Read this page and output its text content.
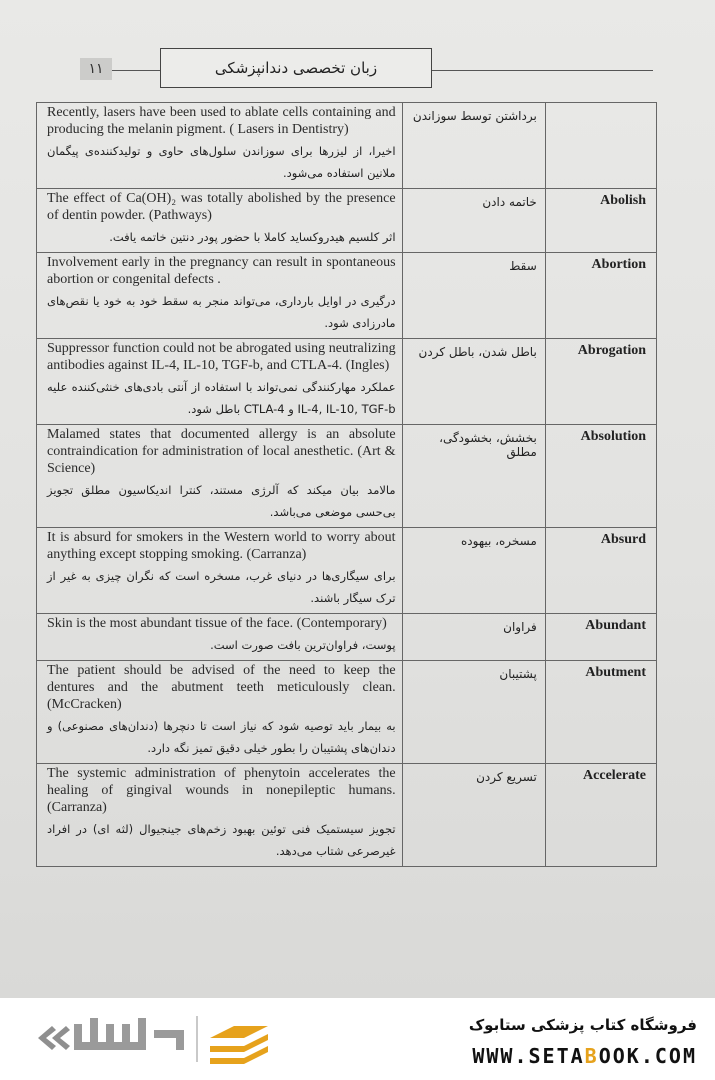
۱۱	زبان تخصصی دندانپزشکی
Recently, lasers have been used to ablate cells containing and producing the melanin pigment. ( Lasers in Dentistry)
اخیرا، از لیزرها برای سوزاندن سلول‌های حاوی و تولیدکننده‌ی پیگمان ملانین استفاده می‌شود.	برداشتن توسط سوزاندن	

The effect of Ca(OH)₂ was totally abolished by the presence of dentin powder. (Pathways)
اثر کلسیم هیدروکساید کاملا با حضور پودر دنتین خاتمه یافت.	خاتمه دادن	Abolish

Involvement early in the pregnancy can result in spontaneous abortion or congenital defects .
درگیری در اوایل بارداری، می‌تواند منجر به سقط خود به خود یا نقص‌های مادرزادی شود.	سقط	Abortion

Suppressor function could not be abrogated using neutralizing antibodies against IL-4, IL-10, TGF-b, and CTLA-4. (Ingles)
عملکرد مهارکنندگی نمی‌تواند با استفاده از آنتی بادی‌های خنثی‌کننده علیه IL-4, IL-10, TGF-b و CTLA-4 باطل شود.	باطل شدن، باطل کردن	Abrogation

Malamed states that documented allergy is an absolute contraindication for administration of local anesthetic. (Art & Science)
مالامد بیان میکند که آلرژی مستند، کنترا اندیکاسیون مطلق تجویز بی‌حسی موضعی می‌باشد.	بخشش، بخشودگی، مطلق	Absolution

It is absurd for smokers in the Western world to worry about anything except stopping smoking. (Carranza)
برای سیگاری‌ها در دنیای غرب، مسخره است که نگران چیزی به غیر از ترک سیگار باشند.	مسخره، بیهوده	Absurd

Skin is the most abundant tissue of the face. (Contemporary)
پوست، فراوان‌ترین بافت صورت است.	فراوان	Abundant

The patient should be advised of the need to keep the dentures and the abutment teeth meticulously clean. (McCracken)
به بیمار باید توصیه شود که نیاز است تا دنچرها (دندان‌های مصنوعی) و دندان‌های پشتیبان را بطور خیلی دقیق تمیز نگه دارد.	پشتیبان	Abutment

The systemic administration of phenytoin accelerates the healing of gingival wounds in nonepileptic humans. (Carranza)
تجویز سیستمیک فنی توئین بهبود زخم‌های جینجیوال (لثه ای) در افراد غیرصرعی شتاب می‌دهد.	تسریع کردن	Accelerate
فروشگاه کتاب پزشکی ستابوک
WWW.SETABOOK.COM
